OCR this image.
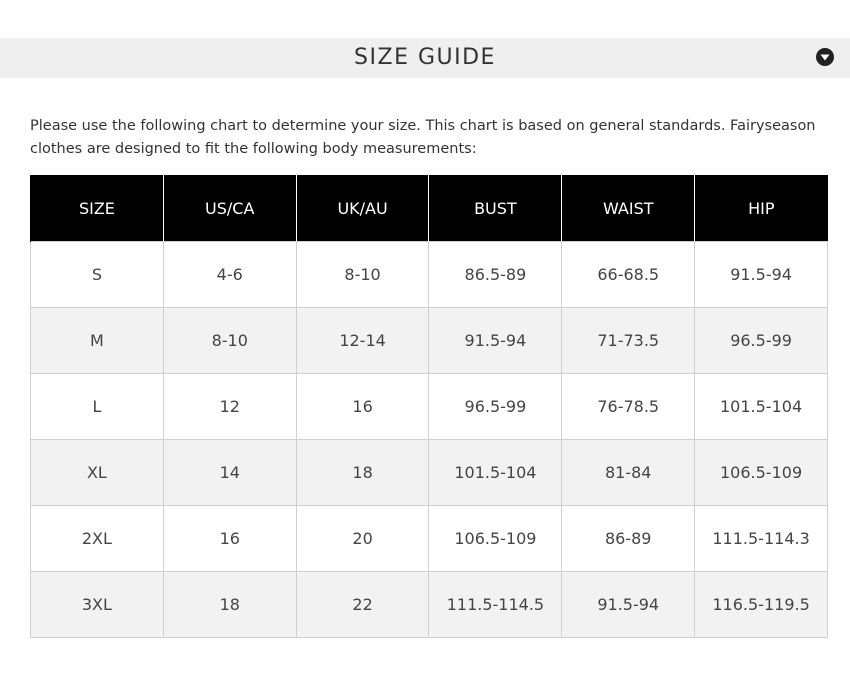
SIZE GUIDE

Please use the following chart to determine your size. This chart is based on general standards. Fairyseason clothes are designed to fit the following body measurements:

SIZE	US/CA	UK/AU	BUST	WAIST	HIP
S	4-6	8-10	86.5-89	66-68.5	91.5-94
M	8-10	12-14	91.5-94	71-73.5	96.5-99
L	12	16	96.5-99	76-78.5	101.5-104
XL	14	18	101.5-104	81-84	106.5-109
2XL	16	20	106.5-109	86-89	111.5-114.3
3XL	18	22	111.5-114.5	91.5-94	116.5-119.5
